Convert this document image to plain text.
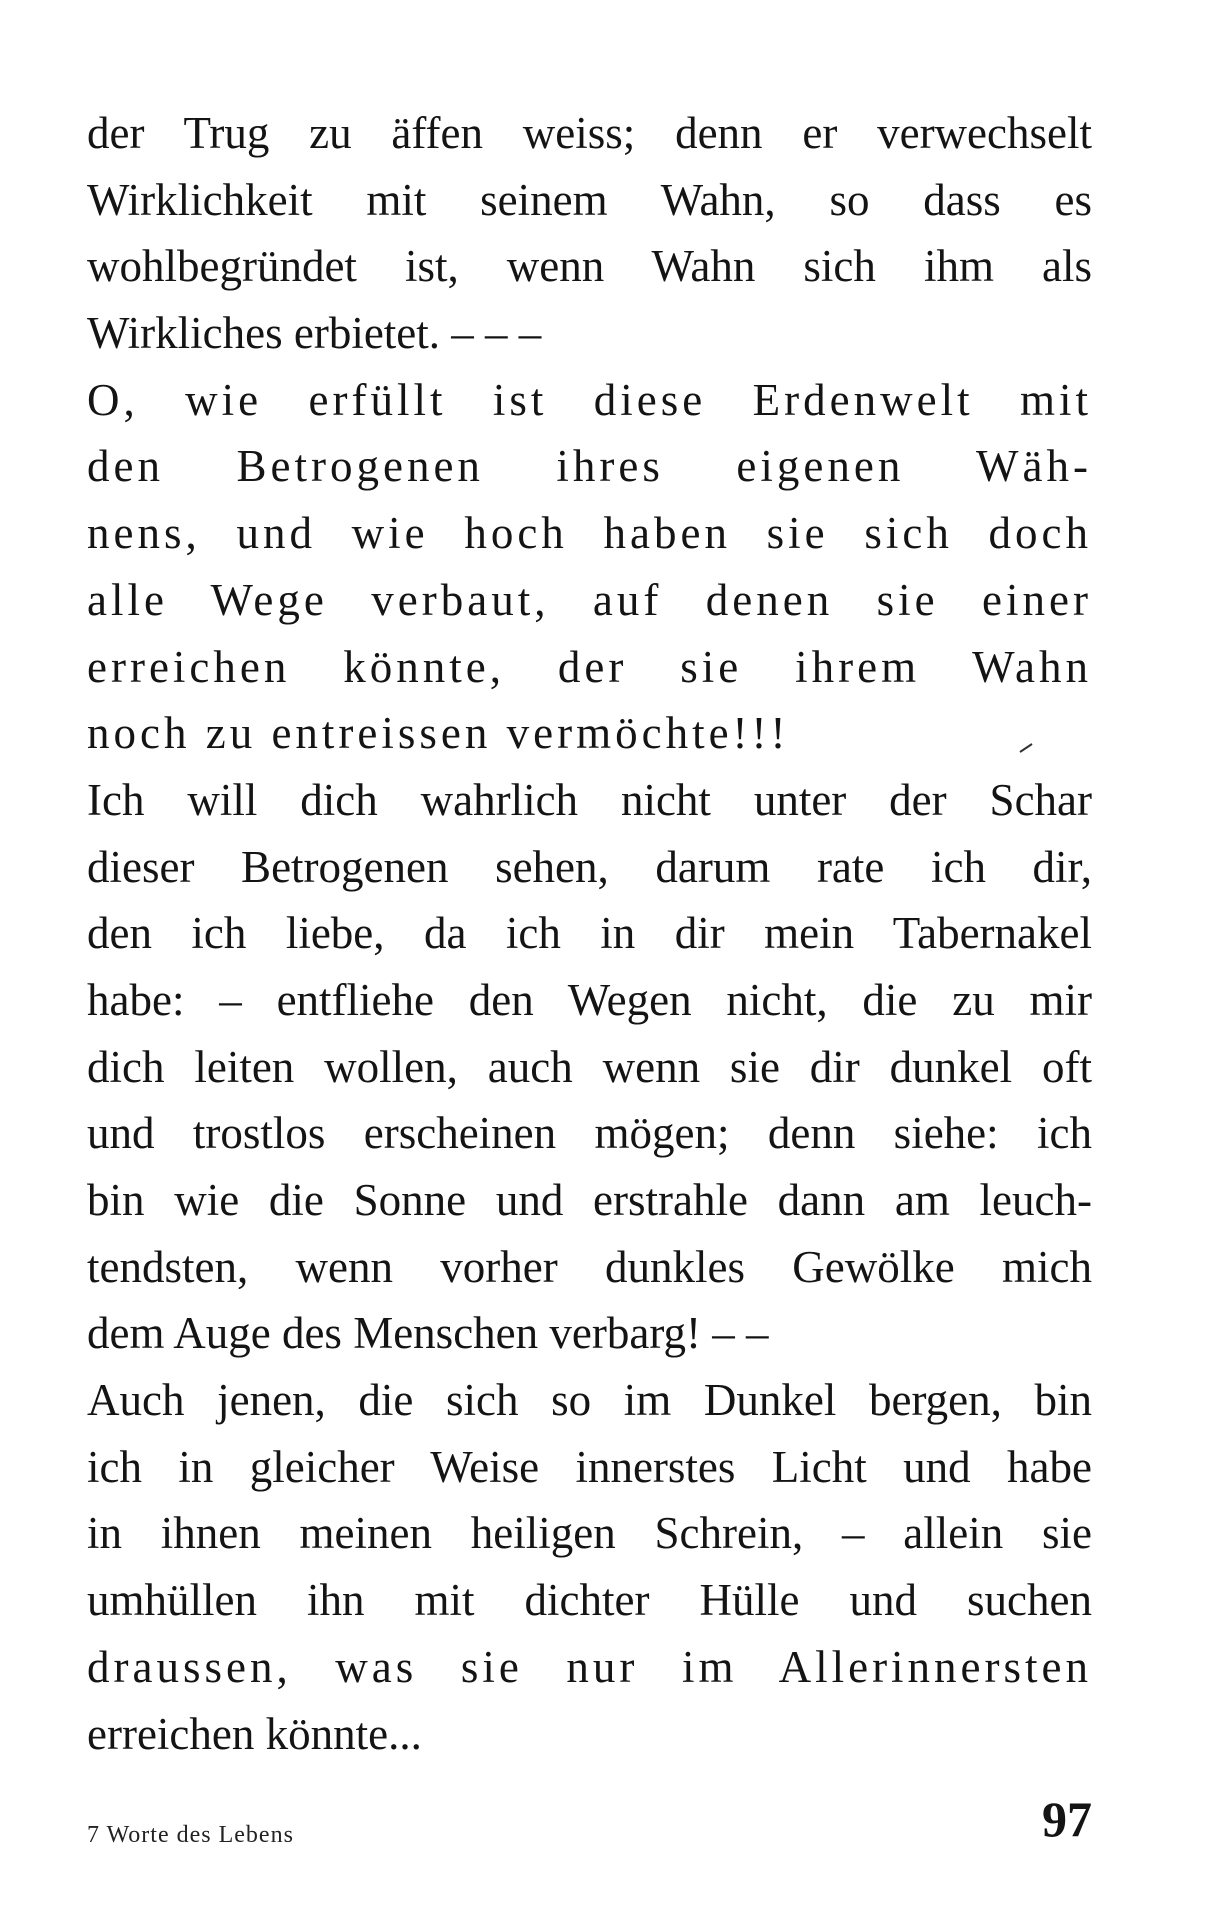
der Trug zu äffen weiss; denn er verwechselt
Wirklichkeit mit seinem Wahn, so dass es
wohlbegründet ist, wenn Wahn sich ihm als
Wirkliches erbietet. – – –
O, wie erfüllt ist diese Erdenwelt mit
den Betrogenen ihres eigenen Wäh-
nens, und wie hoch haben sie sich doch
alle Wege verbaut, auf denen sie einer
erreichen könnte, der sie ihrem Wahn
noch zu entreissen vermöchte!!!
Ich will dich wahrlich nicht unter der Schar
dieser Betrogenen sehen, darum rate ich dir,
den ich liebe, da ich in dir mein Tabernakel
habe: – entfliehe den Wegen nicht, die zu mir
dich leiten wollen, auch wenn sie dir dunkel oft
und trostlos erscheinen mögen; denn siehe: ich
bin wie die Sonne und erstrahle dann am leuch-
tendsten, wenn vorher dunkles Gewölke mich
dem Auge des Menschen verbarg! – –
Auch jenen, die sich so im Dunkel bergen, bin
ich in gleicher Weise innerstes Licht und habe
in ihnen meinen heiligen Schrein, – allein sie
umhüllen ihn mit dichter Hülle und suchen
draussen, was sie nur im Allerinnersten
erreichen könnte...
7 Worte des Lebens	97
